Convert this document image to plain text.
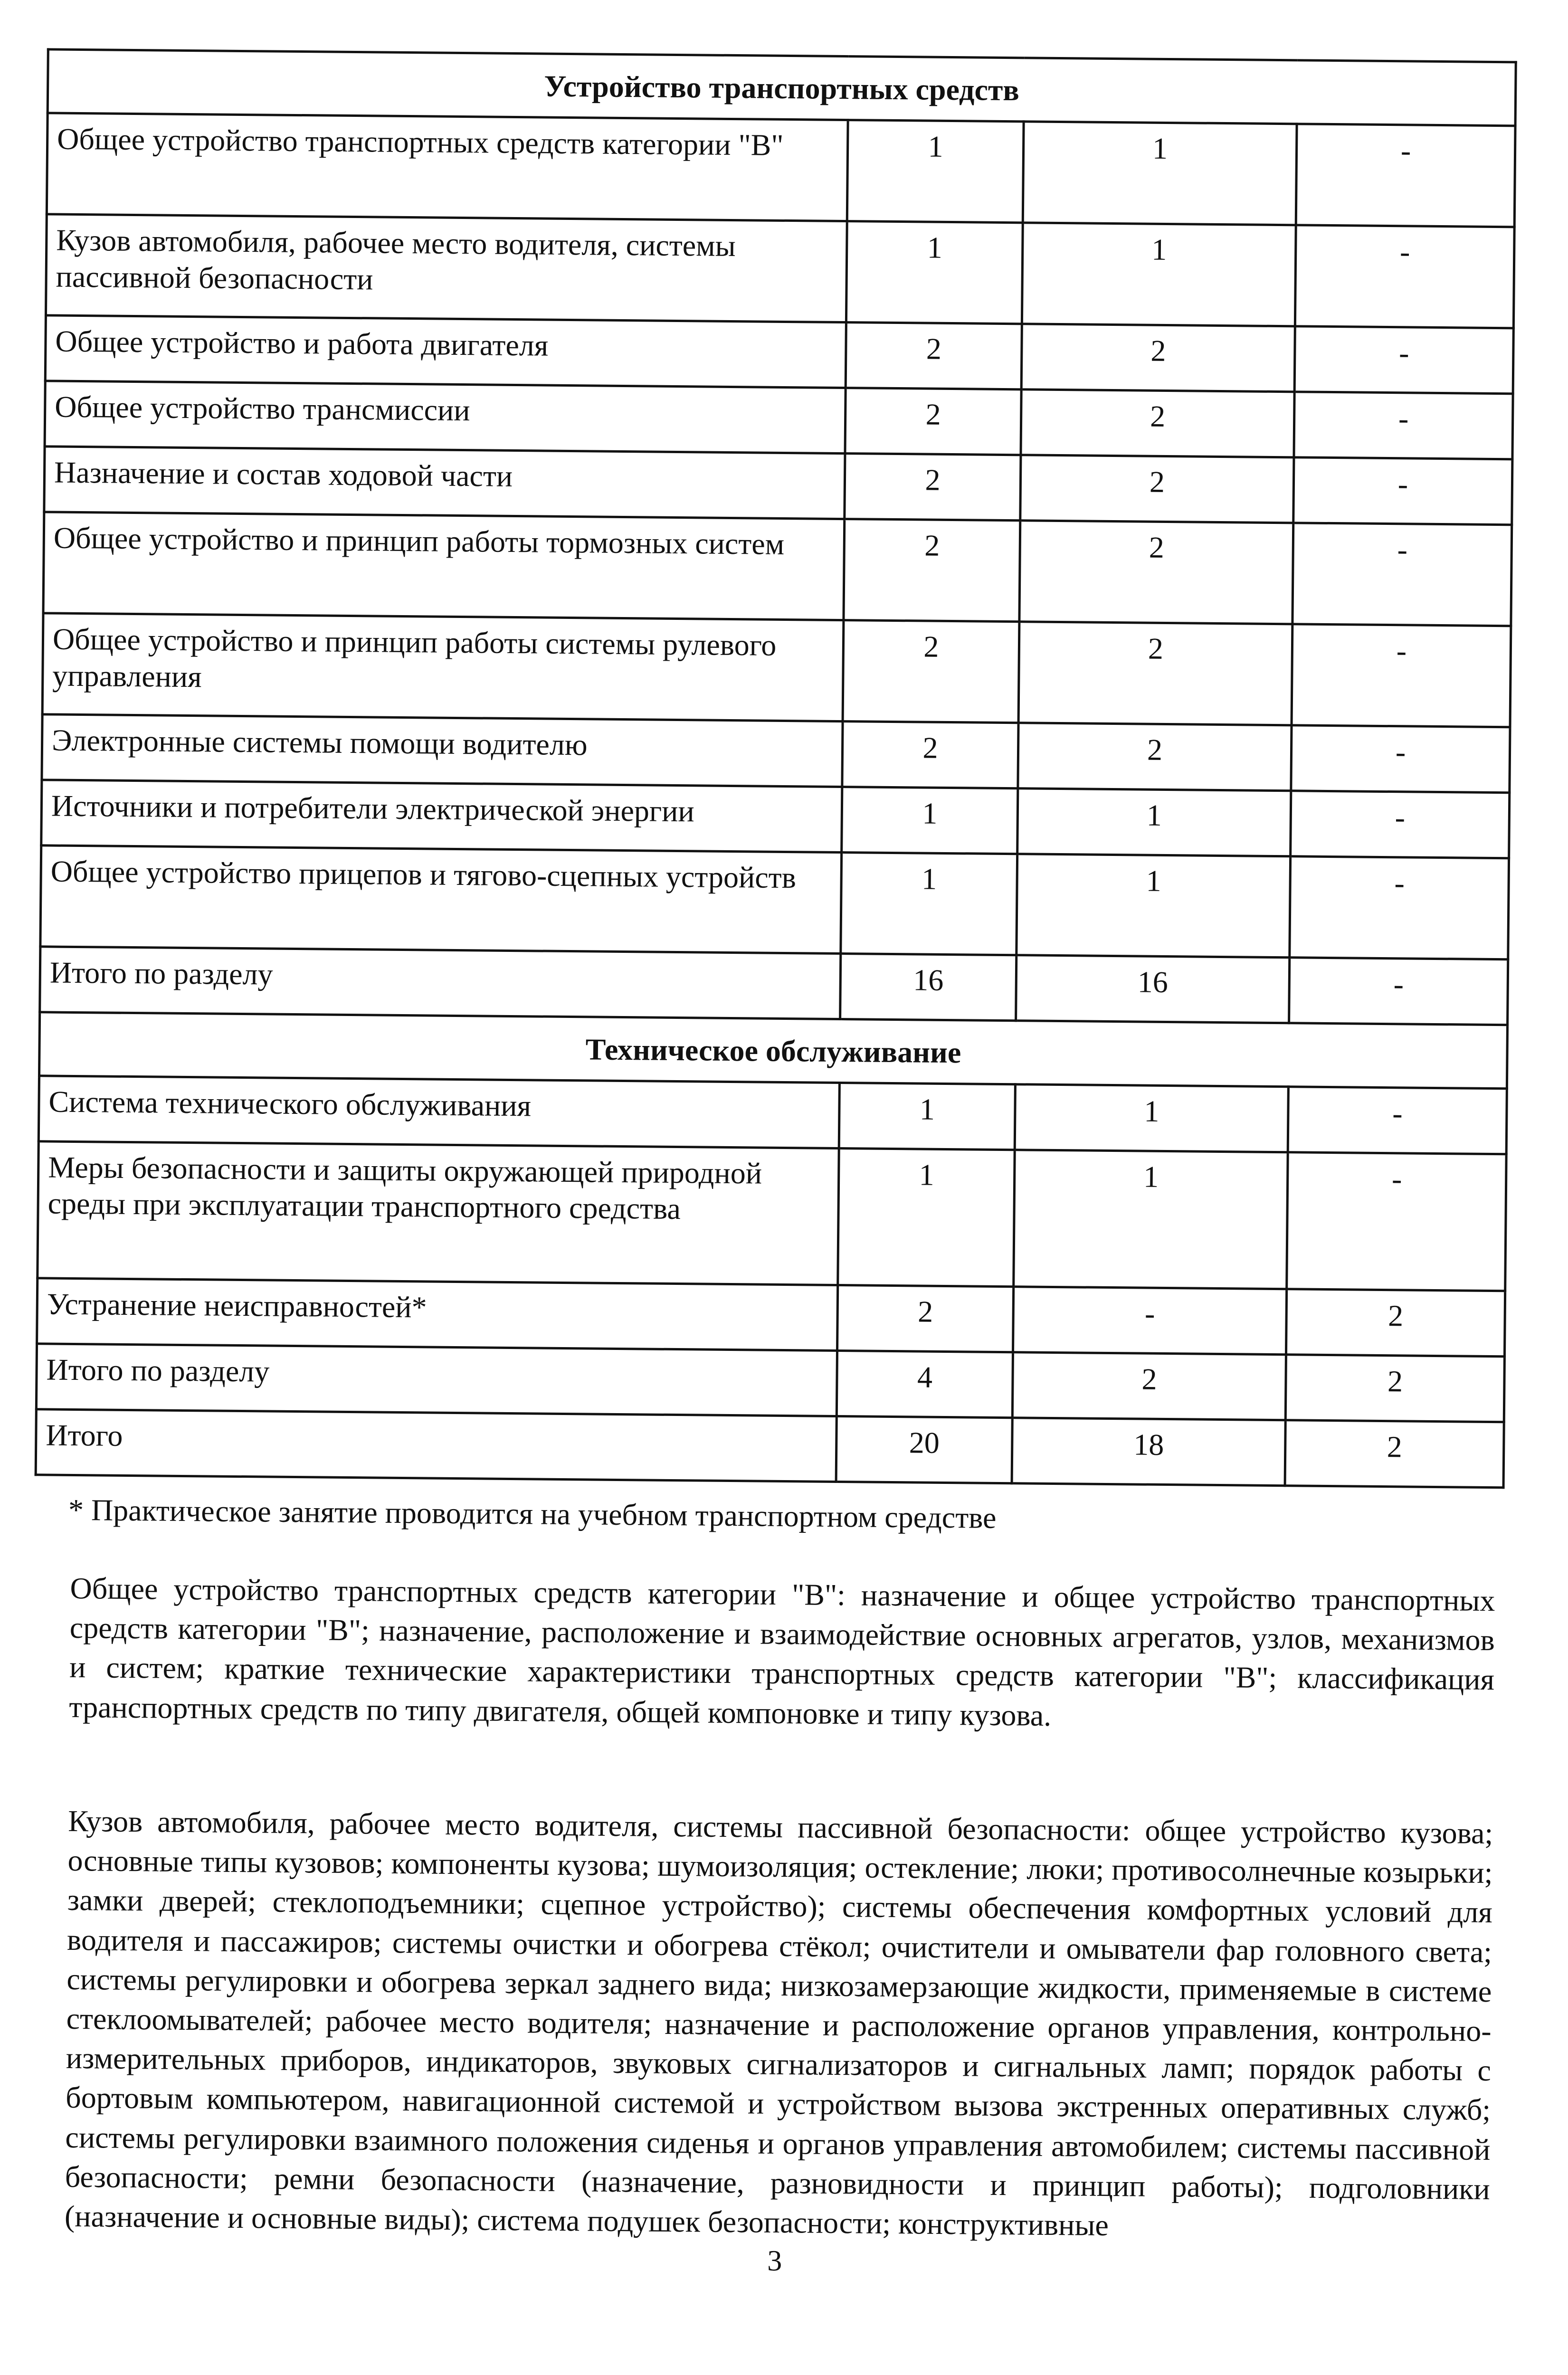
Устройство транспортных средств			
Общее устройство транспортных средств категории "B"	1	1	-
Кузов автомобиля, рабочее место водителя, системы пассивной безопасности	1	1	-
Общее устройство и работа двигателя	2	2	-
Общее устройство трансмиссии	2	2	-
Назначение и состав ходовой части	2	2	-
Общее устройство и принцип работы тормозных систем	2	2	-
Общее устройство и принцип работы системы рулевого управления	2	2	-
Электронные системы помощи водителю	2	2	-
Источники и потребители электрической энергии	1	1	-
Общее устройство прицепов и тягово-сцепных устройств	1	1	-
Итого по разделу	16	16	-
Техническое обслуживание			
Система технического обслуживания	1	1	-
Меры безопасности и защиты окружающей природной среды при эксплуатации транспортного средства	1	1	-
Устранение неисправностей*	2	-	2
Итого по разделу	4	2	2
Итого	20	18	2
* Практическое занятие проводится на учебном транспортном средстве

Общее устройство транспортных средств категории "B": назначение и общее устройство транспортных средств категории "B"; назначение, расположение и взаимодействие основных агрегатов, узлов, механизмов и систем; краткие технические характеристики транспортных средств категории "B"; классификация транспортных средств по типу двигателя, общей компоновке и типу кузова.

Кузов автомобиля, рабочее место водителя, системы пассивной безопасности: общее устройство кузова; основные типы кузовов; компоненты кузова; шумоизоляция; остекление; люки; противосолнечные козырьки; замки дверей; стеклоподъемники; сцепное устройство); системы обеспечения комфортных условий для водителя и пассажиров; системы очистки и обогрева стёкол; очистители и омыватели фар головного света; системы регулировки и обогрева зеркал заднего вида; низкозамерзающие жидкости, применяемые в системе стеклоомывателей; рабочее место водителя; назначение и расположение органов управления, контрольно-измерительных приборов, индикаторов, звуковых сигнализаторов и сигнальных ламп; порядок работы с бортовым компьютером, навигационной системой и устройством вызова экстренных оперативных служб; системы регулировки взаимного положения сиденья и органов управления автомобилем; системы пассивной безопасности; ремни безопасности (назначение, разновидности и принцип работы); подголовники (назначение и основные виды); система подушек безопасности; конструктивные

3
